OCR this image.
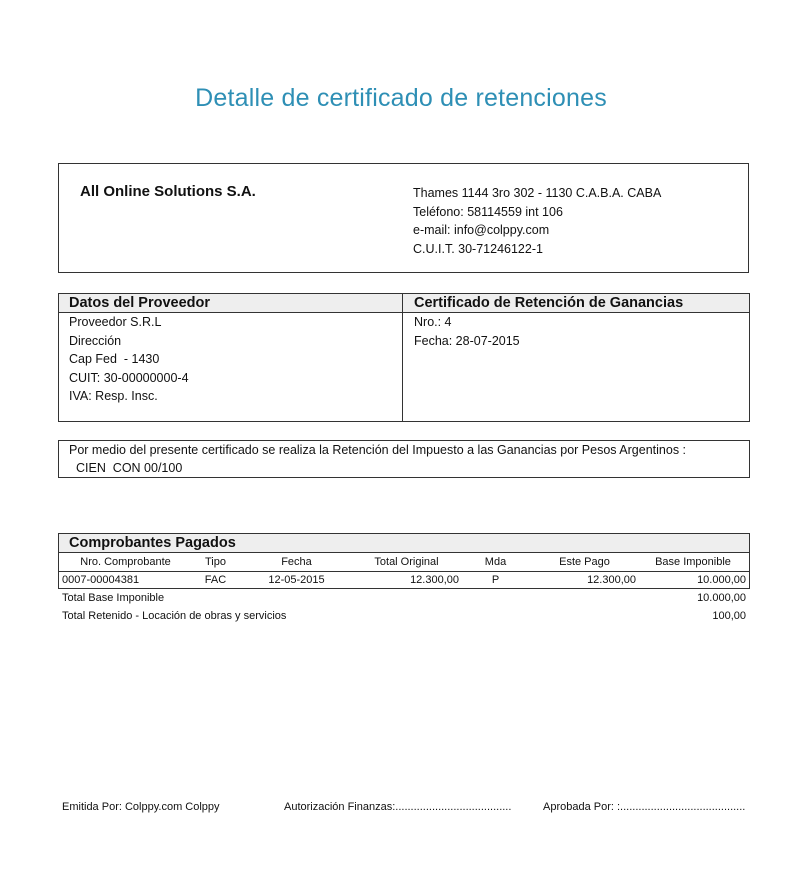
Detalle de certificado de retenciones
All Online Solutions S.A.	Thames 1144 3ro 302 - 1130 C.A.B.A. CABA
Teléfono: 58114559 int 106
e-mail: info@colppy.com
C.U.I.T. 30-71246122-1
Datos del Proveedor	Certificado de Retención de Ganancias
Proveedor S.R.L
Dirección
Cap Fed  - 1430
CUIT: 30-00000000-4
IVA: Resp. Insc.
Nro.: 4
Fecha: 28-07-2015
Por medio del presente certificado se realiza la Retención del Impuesto a las Ganancias por Pesos Argentinos :
CIEN  CON 00/100
Comprobantes Pagados
Nro. Comprobante	Tipo	Fecha	Total Original	Mda	Este Pago	Base Imponible
0007-00004381	FAC	12-05-2015	12.300,00	P	12.300,00	10.000,00
Total Base Imponible	10.000,00
Total Retenido - Locación de obras y servicios	100,00
Emitida Por: Colppy.com Colppy	Autorización Finanzas:......................................	Aprobada Por: :.........................................
